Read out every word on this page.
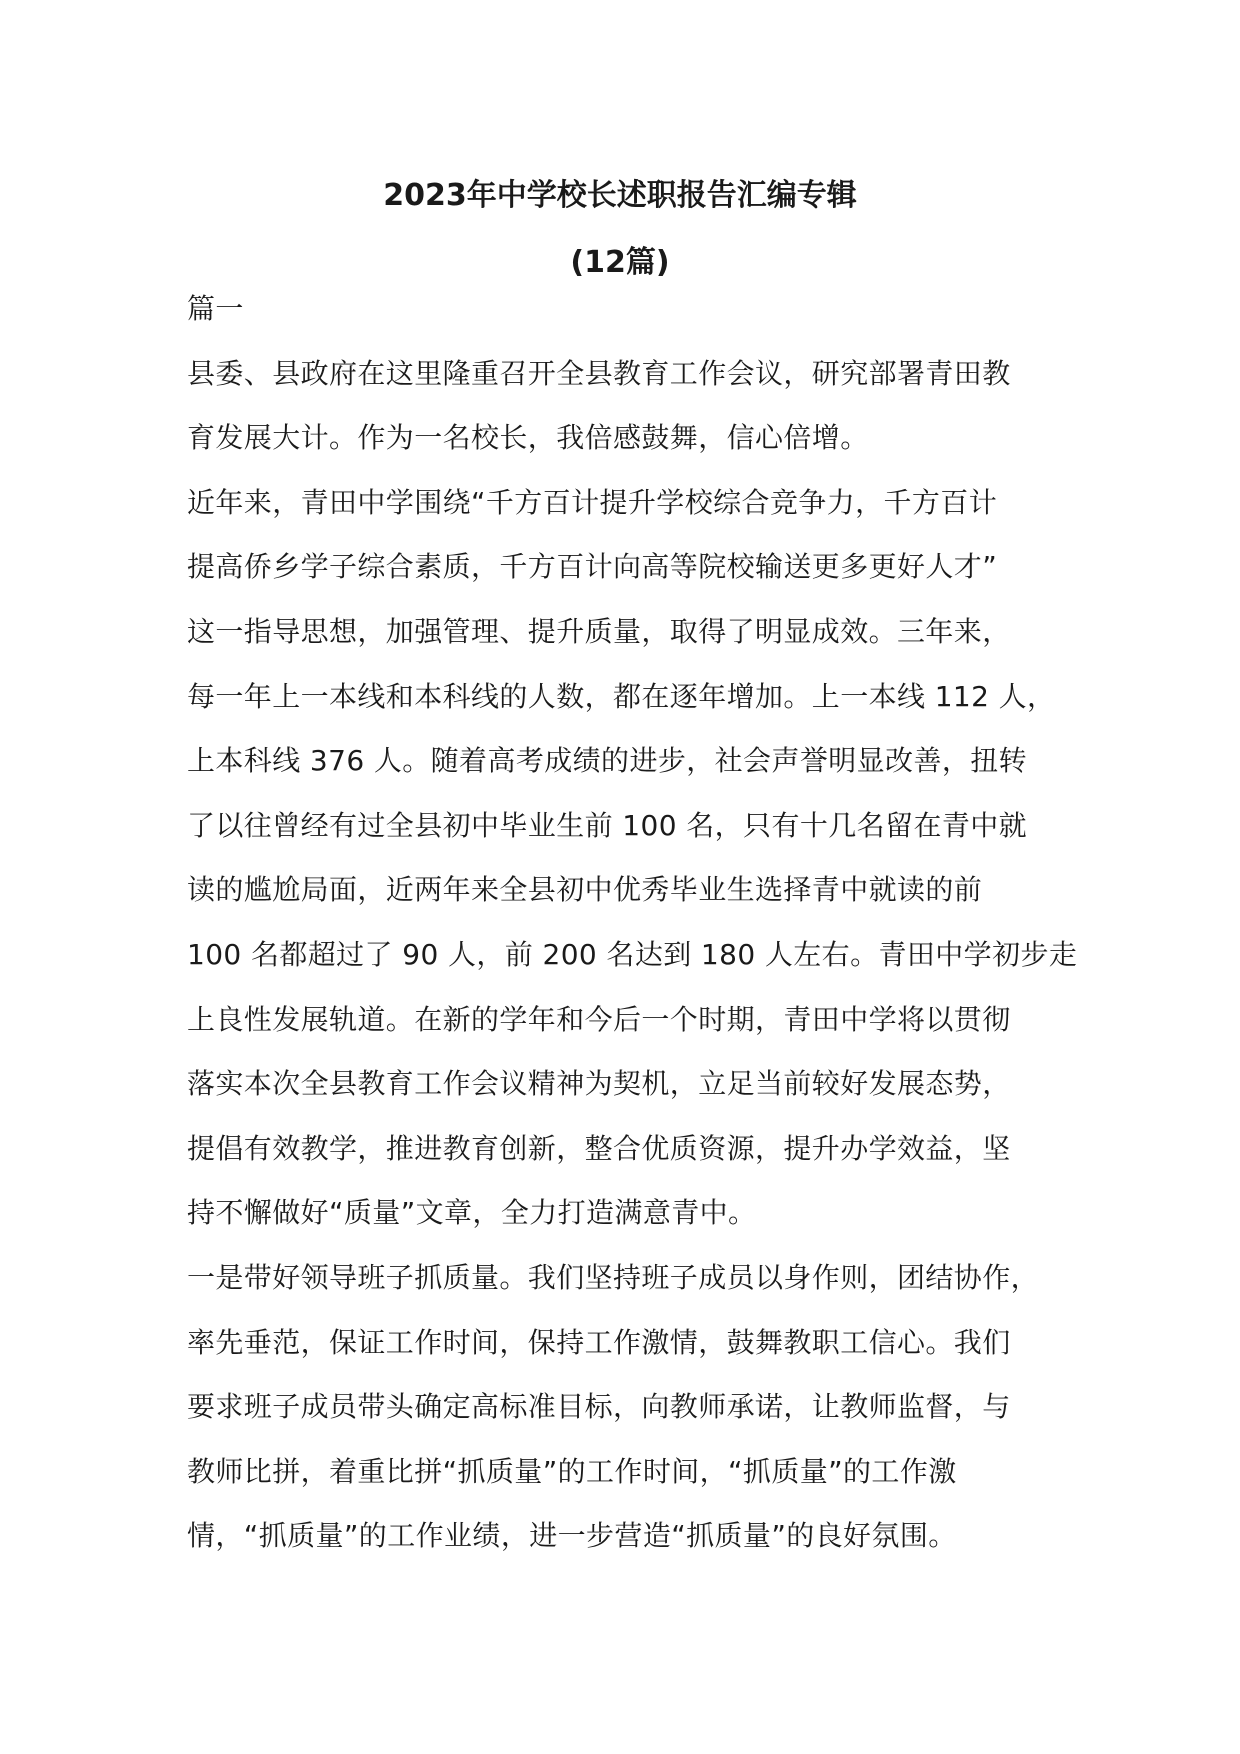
2023年中学校长述职报告汇编专辑
(12篇)

篇一

县委、县政府在这里隆重召开全县教育工作会议，研究部署青田教

育发展大计。作为一名校长，我倍感鼓舞，信心倍增。

近年来，青田中学围绕“千方百计提升学校综合竞争力，千方百计

提高侨乡学子综合素质，千方百计向高等院校输送更多更好人才”

这一指导思想，加强管理、提升质量，取得了明显成效。三年来，

每一年上一本线和本科线的人数，都在逐年增加。上一本线 112 人，

上本科线 376 人。随着高考成绩的进步，社会声誉明显改善，扭转

了以往曾经有过全县初中毕业生前 100 名，只有十几名留在青中就

读的尴尬局面，近两年来全县初中优秀毕业生选择青中就读的前

100 名都超过了 90 人，前 200 名达到 180 人左右。青田中学初步走

上良性发展轨道。在新的学年和今后一个时期，青田中学将以贯彻

落实本次全县教育工作会议精神为契机，立足当前较好发展态势，

提倡有效教学，推进教育创新，整合优质资源，提升办学效益，坚

持不懈做好“质量”文章，全力打造满意青中。

一是带好领导班子抓质量。我们坚持班子成员以身作则，团结协作，

率先垂范，保证工作时间，保持工作激情，鼓舞教职工信心。我们

要求班子成员带头确定高标准目标，向教师承诺，让教师监督，与

教师比拼，着重比拼“抓质量”的工作时间，“抓质量”的工作激

情，“抓质量”的工作业绩，进一步营造“抓质量”的良好氛围。
